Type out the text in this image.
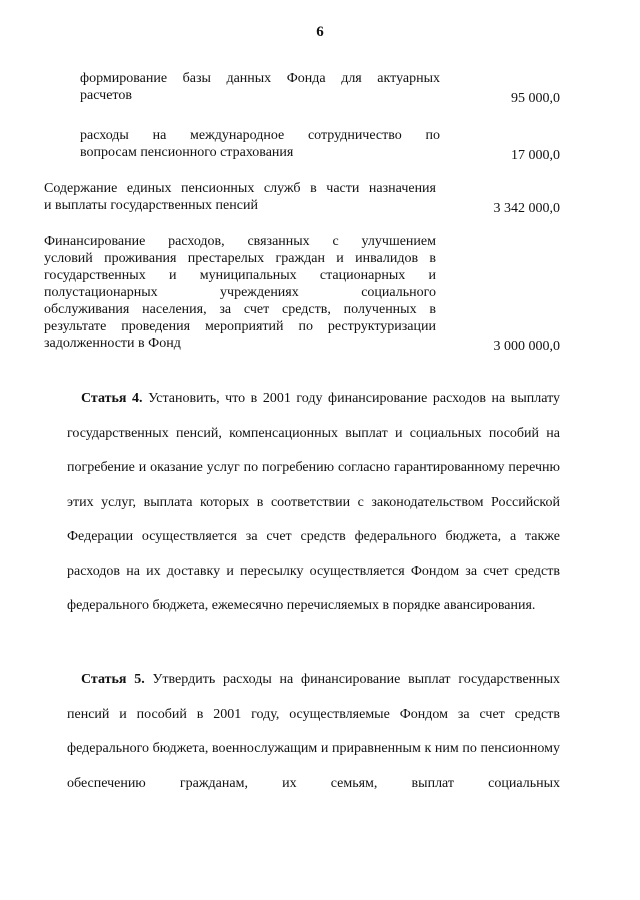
6
формирование базы данных Фонда для актуарных
расчетов	95 000,0
расходы на международное сотрудничество по
вопросам пенсионного страхования	17 000,0
Содержание единых пенсионных служб в части назначения
и выплаты государственных пенсий	3 342 000,0
Финансирование расходов, связанных с улучшением
условий проживания престарелых граждан и инвалидов в
государственных и муниципальных стационарных и
полустационарных учреждениях социального
обслуживания населения, за счет средств, полученных в
результате проведения мероприятий по реструктуризации
задолженности в Фонд	3 000 000,0
Статья 4. Установить, что в 2001 году финансирование расходов на выплату государственных пенсий, компенсационных выплат и социальных пособий на погребение и оказание услуг по погребению согласно гарантированному перечню этих услуг, выплата которых в соответствии с законодательством Российской Федерации осуществляется за счет средств федерального бюджета, а также расходов на их доставку и пересылку осуществляется Фондом за счет средств федерального бюджета, ежемесячно перечисляемых в порядке авансирования.
Статья 5. Утвердить расходы на финансирование выплат государственных пенсий и пособий в 2001 году, осуществляемые Фондом за счет средств федерального бюджета, военнослужащим и приравненным к ним по пенсионному обеспечению гражданам, их семьям, выплат социальных
